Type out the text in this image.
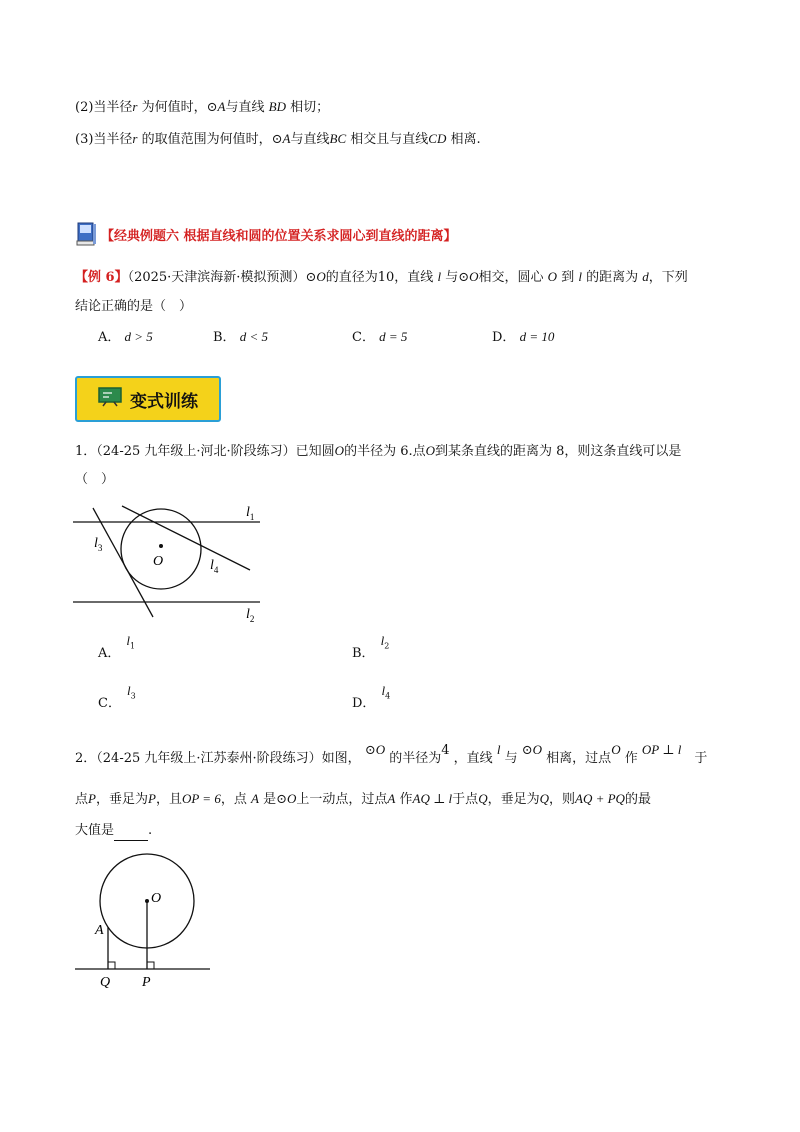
(2)当半径r 为何值时，⊙A与直线 BD 相切；
(3)当半径r 的取值范围为何值时，⊙A与直线BC 相交且与直线CD 相离.
【经典例题六 根据直线和圆的位置关系求圆心到直线的距离】
【例 6】（2025·天津滨海新·模拟预测）⊙O的直径为10，直线 l 与⊙O相交，圆心 O 到 l 的距离为 d，下列
结论正确的是（　）
A． d > 5	B． d < 5	C． d = 5	D． d = 10
变式训练
1．（24-25 九年级上·河北·阶段练习）已知圆O的半径为 6.点O到某条直线的距离为 8，则这条直线可以是
（　）
$l_1$
$l_2$
$l_3$
$l_4$
O
A．$l_1$	B．$l_2$
C．$l_3$	D．$l_4$
2．（24-25 九年级上·江苏泰州·阶段练习）如图， ⊙O 的半径为4 ，直线 l 与 ⊙O 相离，过点O 作 OP ⊥ l　于
点P，垂足为P，且OP = 6，点 A 是⊙O上一动点，过点A 作AQ ⊥ l于点Q，垂足为Q，则AQ + PQ的最
大值是	.
O
A
Q P
